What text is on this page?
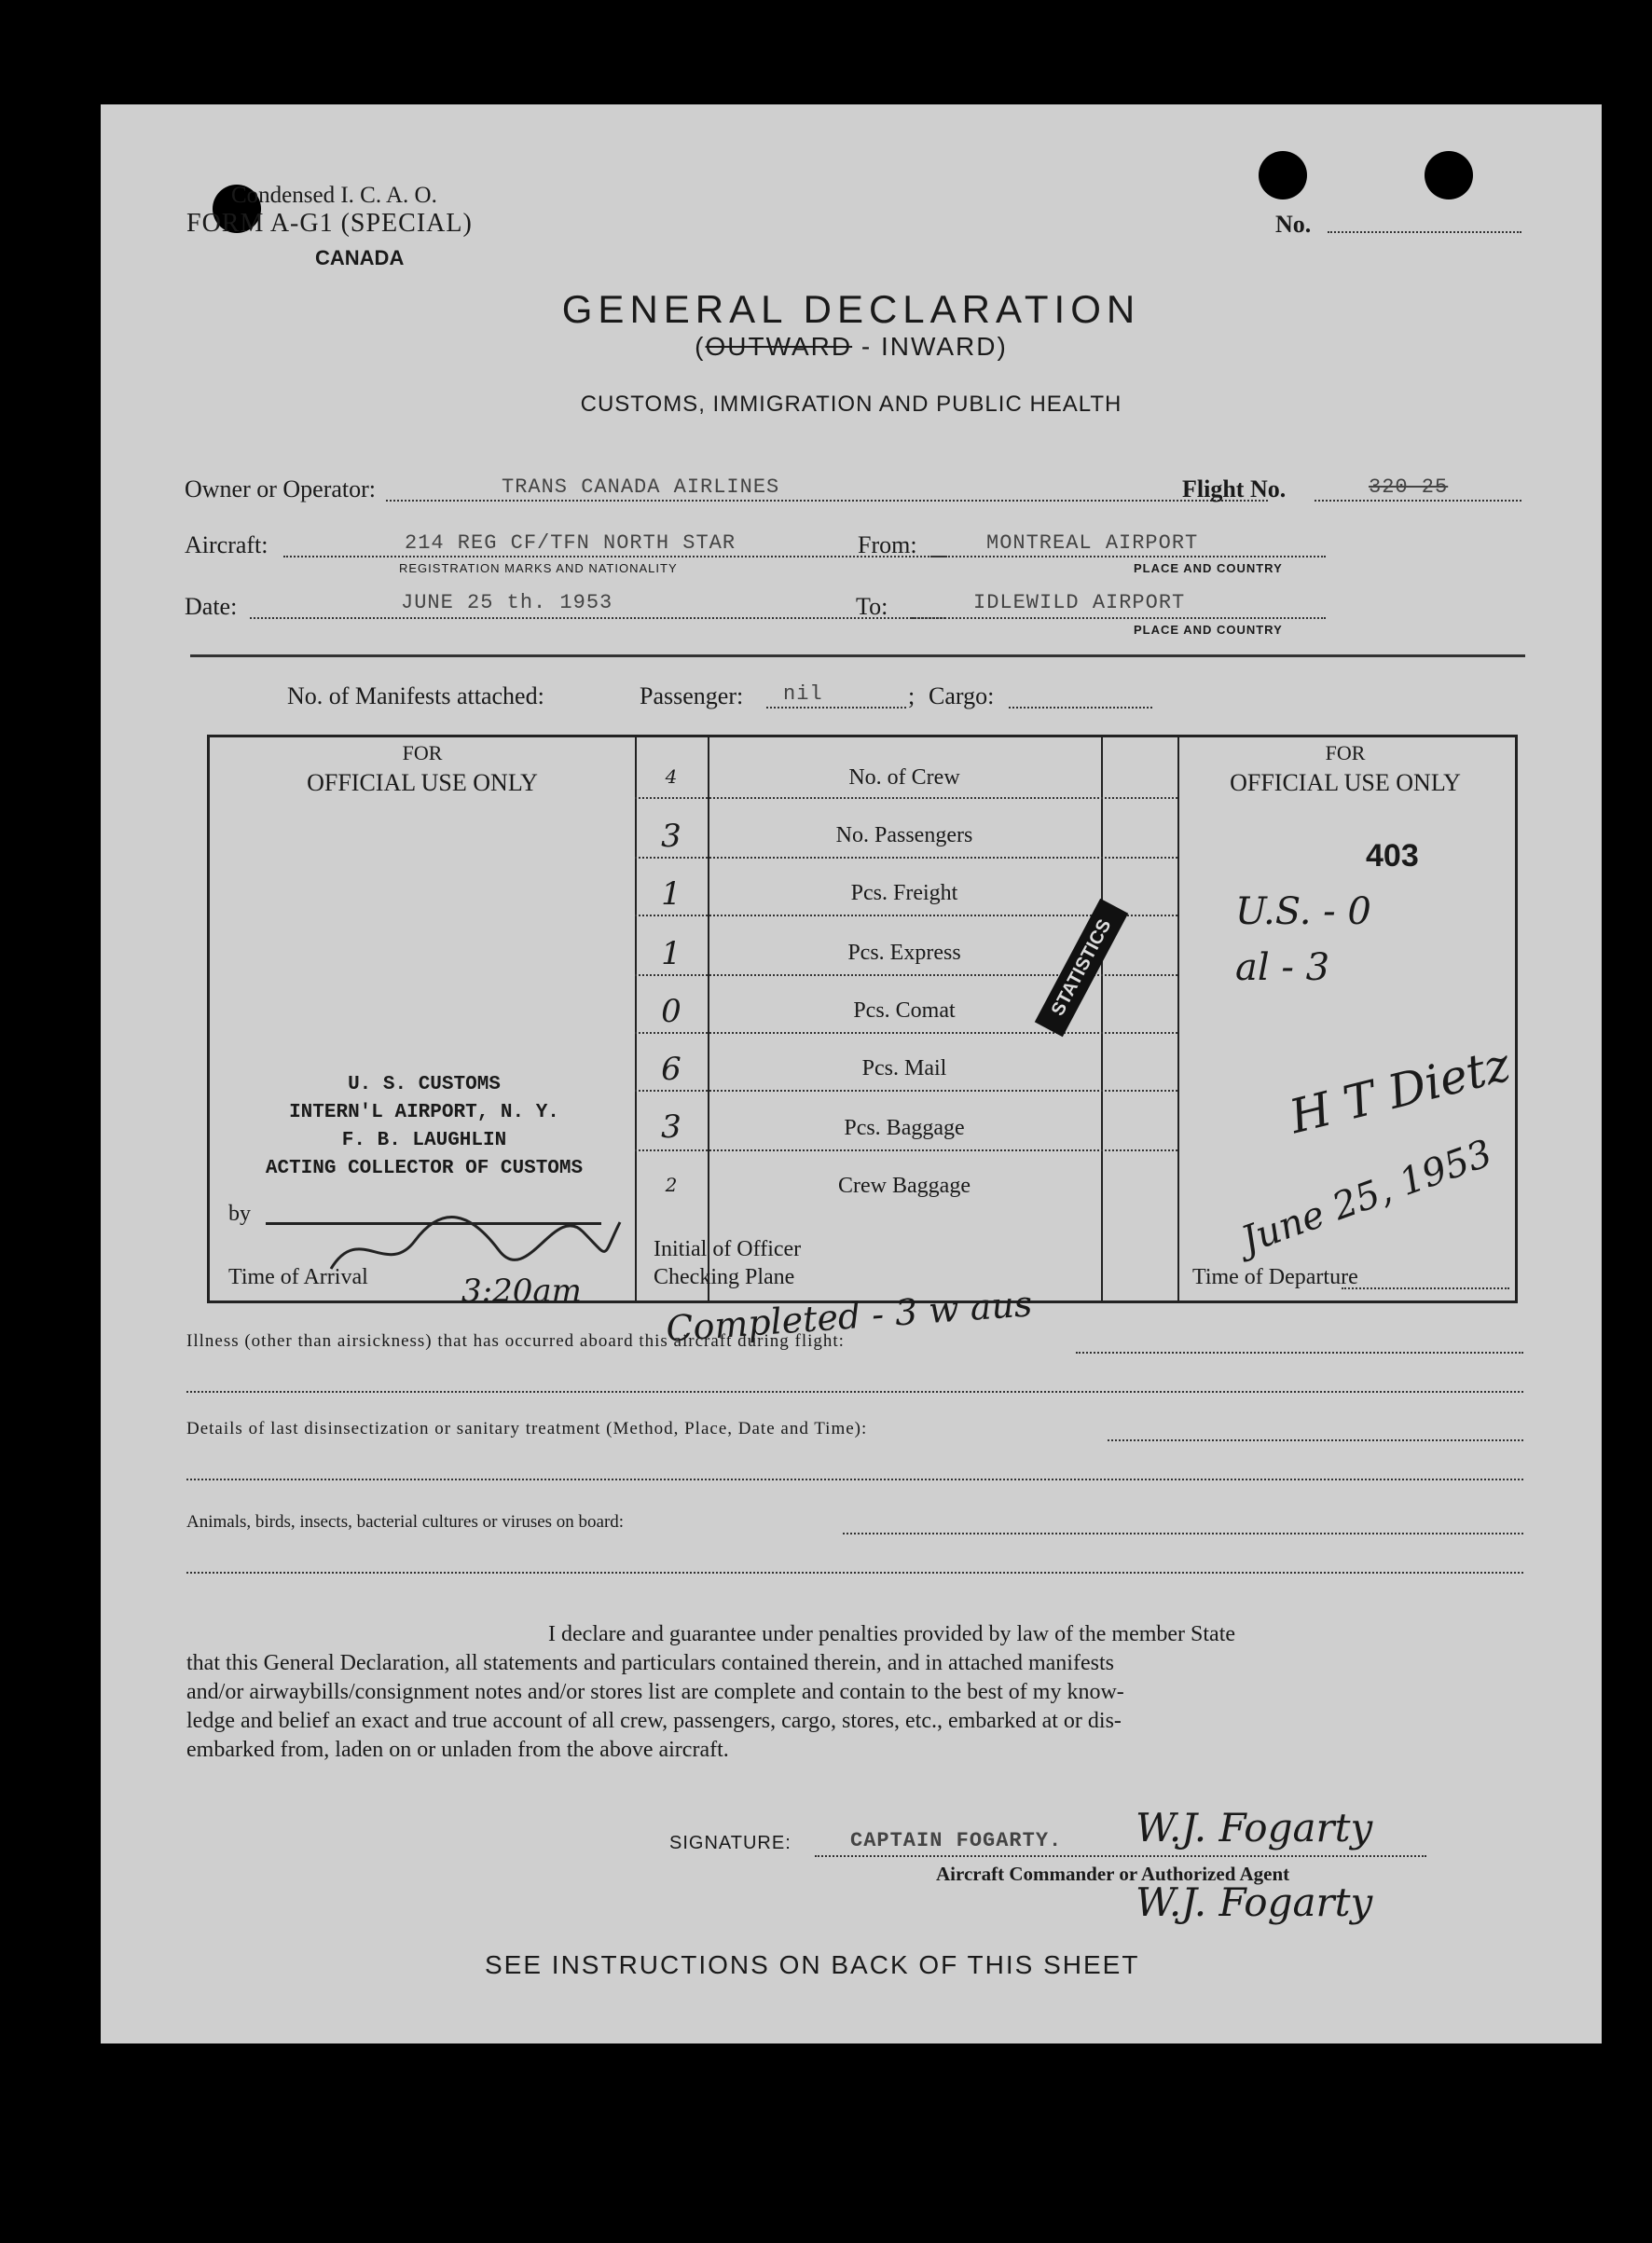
Condensed I. C. A. O.
FORM A-G1 (SPECIAL)
CANADA
No.
GENERAL DECLARATION
(OUTWARD - INWARD)
CUSTOMS, IMMIGRATION AND PUBLIC HEALTH
Owner or Operator:	TRANS CANADA AIRLINES	Flight No.	320-25
Aircraft:	214 REG CF/TFN NORTH STAR
REGISTRATION MARKS AND NATIONALITY
From:	MONTREAL AIRPORT
PLACE AND COUNTRY
Date:	JUNE 25 th. 1953	To:	IDLEWILD AIRPORT
PLACE AND COUNTRY
No. of Manifests attached:	Passenger: nil	; Cargo:
FOR
OFFICIAL USE ONLY
FOR
OFFICIAL USE ONLY
4	No. of Crew
3	No. Passengers
1	Pcs. Freight
1	Pcs. Express
0	Pcs. Comat
6	Pcs. Mail
3	Pcs. Baggage
2	Crew Baggage
STATISTICS
U. S. CUSTOMS
INTERN'L AIRPORT, N. Y.
F. B. LAUGHLIN
ACTING COLLECTOR OF CUSTOMS
by
Time of Arrival	3:20am
Initial of Officer
Checking Plane	Time of Departure
403
U.S. - 0
al - 3
H T Dietz
June 25, 1953
Completed - 3 w aus
Illness (other than airsickness) that has occurred aboard this aircraft during flight:
Details of last disinsectization or sanitary treatment (Method, Place, Date and Time):
Animals, birds, insects, bacterial cultures or viruses on board:
I declare and guarantee under penalties provided by law of the member State
that this General Declaration, all statements and particulars contained therein, and in attached manifests
and/or airwaybills/consignment notes and/or stores list are complete and contain to the best of my know-
ledge and belief an exact and true account of all crew, passengers, cargo, stores, etc., embarked at or dis-
embarked from, laden on or unladen from the above aircraft.
SIGNATURE:	CAPTAIN FOGARTY. W.J. Fogarty
Aircraft Commander or Authorized Agent
W.J. Fogarty
SEE INSTRUCTIONS ON BACK OF THIS SHEET
